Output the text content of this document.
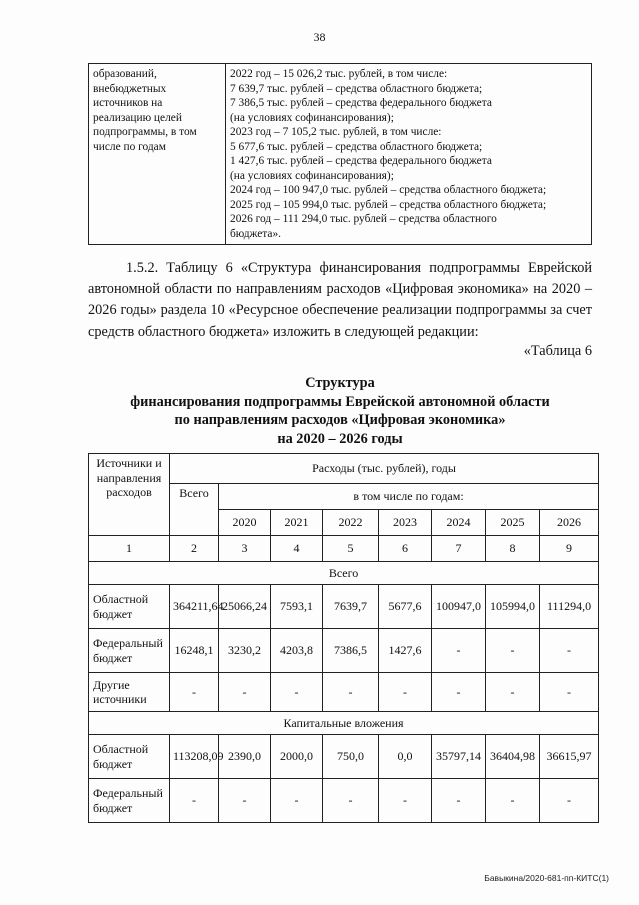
38
образований,
внебюджетных
источников на
реализацию целей
подпрограммы, в том
числе по годам

2022 год – 15 026,2 тыс. рублей, в том числе:
7 639,7 тыс. рублей – средства областного бюджета;
7 386,5 тыс. рублей – средства федерального бюджета
(на условиях софинансирования);
2023 год – 7 105,2 тыс. рублей, в том числе:
5 677,6 тыс. рублей – средства областного бюджета;
1 427,6 тыс. рублей – средства федерального бюджета
(на условиях софинансирования);
2024 год – 100 947,0 тыс. рублей – средства областного бюджета;
2025 год – 105 994,0 тыс. рублей – средства областного бюджета;
2026 год – 111 294,0 тыс. рублей – средства областного
бюджета».
1.5.2. Таблицу 6 «Структура финансирования подпрограммы Еврейской автономной области по направлениям расходов «Цифровая экономика» на 2020 – 2026 годы» раздела 10 «Ресурсное обеспечение реализации подпрограммы за счет средств областного бюджета» изложить в следующей редакции:
«Таблица 6
Структура
финансирования подпрограммы Еврейской автономной области
по направлениям расходов «Цифровая экономика»
на 2020 – 2026 годы
Источники и направления расходов	Расходы (тыс. рублей), годы							
	Всего	в том числе по годам:						
		2020	2021	2022	2023	2024	2025	2026
1	2	3	4	5	6	7	8	9
Всего								
Областной бюджет	364211,64	25066,24	7593,1	7639,7	5677,6	100947,0	105994,0	111294,0
Федеральный бюджет	16248,1	3230,2	4203,8	7386,5	1427,6	-	-	-
Другие источники	-	-	-	-	-	-	-	-
Капитальные вложения								
Областной бюджет	113208,09	2390,0	2000,0	750,0	0,0	35797,14	36404,98	36615,97
Федеральный бюджет	-	-	-	-	-	-	-	-
Бавыкина/2020-681-пп-КИТС(1)
